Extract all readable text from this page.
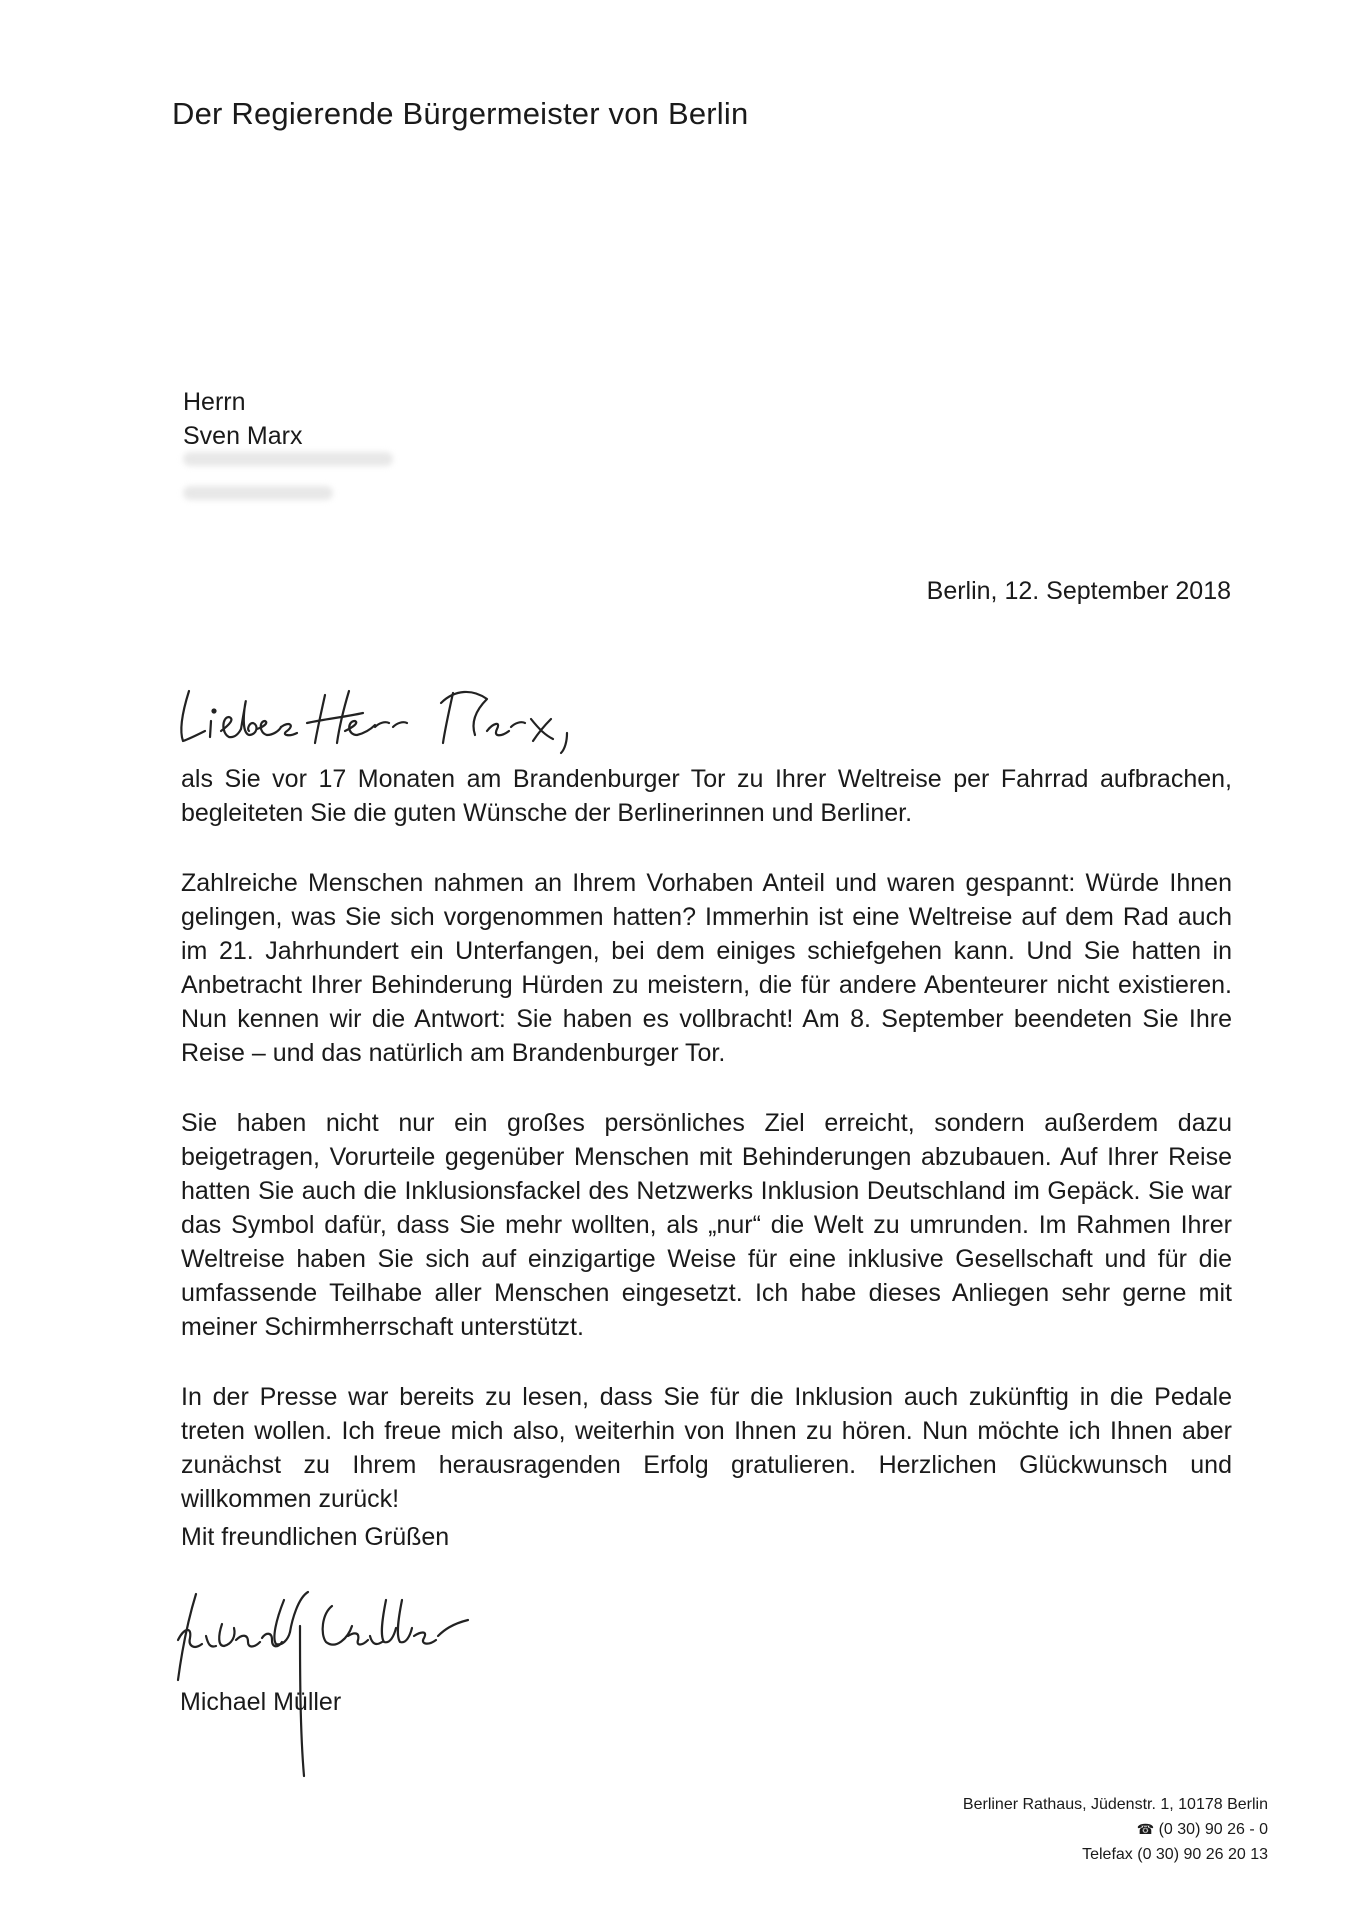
Der Regierende Bürgermeister von Berlin
Herrn
Sven Marx
Berlin, 12. September 2018

als Sie vor 17 Monaten am Brandenburger Tor zu Ihrer Weltreise per Fahrrad aufbrachen, begleiteten Sie die guten Wünsche der Berlinerinnen und Berliner.

Zahlreiche Menschen nahmen an Ihrem Vorhaben Anteil und waren gespannt: Würde Ihnen gelingen, was Sie sich vorgenommen hatten? Immerhin ist eine Weltreise auf dem Rad auch im 21. Jahrhundert ein Unterfangen, bei dem einiges schiefgehen kann. Und Sie hatten in Anbetracht Ihrer Behinderung Hürden zu meistern, die für andere Abenteurer nicht existieren. Nun kennen wir die Antwort: Sie haben es vollbracht! Am 8. September beendeten Sie Ihre Reise – und das natürlich am Brandenburger Tor.

Sie haben nicht nur ein großes persönliches Ziel erreicht, sondern außerdem dazu beigetragen, Vorurteile gegenüber Menschen mit Behinderungen abzubauen. Auf Ihrer Reise hatten Sie auch die Inklusionsfackel des Netzwerks Inklusion Deutschland im Gepäck. Sie war das Symbol dafür, dass Sie mehr wollten, als „nur“ die Welt zu umrunden. Im Rahmen Ihrer Weltreise haben Sie sich auf einzigartige Weise für eine inklusive Gesellschaft und für die umfassende Teilhabe aller Menschen eingesetzt. Ich habe dieses Anliegen sehr gerne mit meiner Schirmherrschaft unterstützt.

In der Presse war bereits zu lesen, dass Sie für die Inklusion auch zukünftig in die Pedale treten wollen. Ich freue mich also, weiterhin von Ihnen zu hören. Nun möchte ich Ihnen aber zunächst zu Ihrem herausragenden Erfolg gratulieren. Herzlichen Glückwunsch und willkommen zurück!

Mit freundlichen Grüßen
Michael Müller
Berliner Rathaus, Jüdenstr. 1, 10178 Berlin
☎ (0 30) 90 26 - 0
Telefax (0 30) 90 26 20 13
